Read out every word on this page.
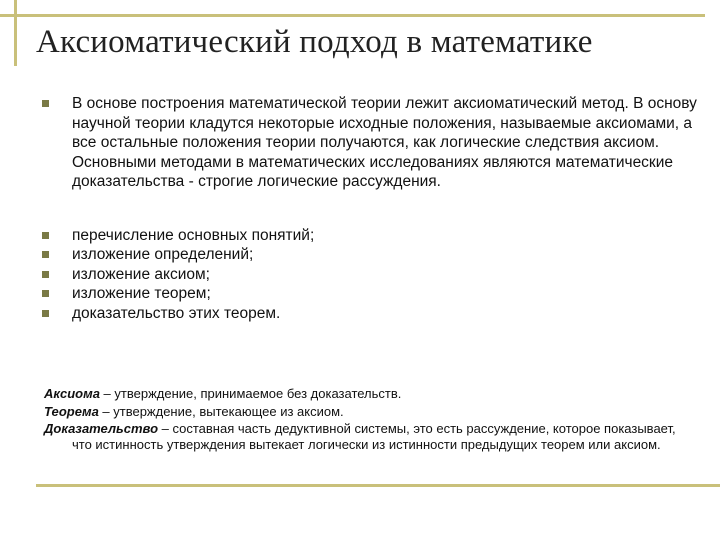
Аксиоматический подход в математике
В основе построения математической теории лежит аксиоматический метод. В основу научной теории кладутся некоторые исходные положения, называемые аксиомами, а все остальные положения теории получаются, как логические следствия аксиом. Основными методами в математических исследованиях являются математические доказательства - строгие логические рассуждения.
перечисление основных понятий;
изложение определений;
изложение аксиом;
изложение теорем;
доказательство этих теорем.
Аксиома – утверждение, принимаемое без доказательств.
Теорема – утверждение, вытекающее из аксиом.
Доказательство – составная часть дедуктивной системы, это есть рассуждение, которое показывает, что истинность утверждения вытекает логически из истинности предыдущих теорем или аксиом.
